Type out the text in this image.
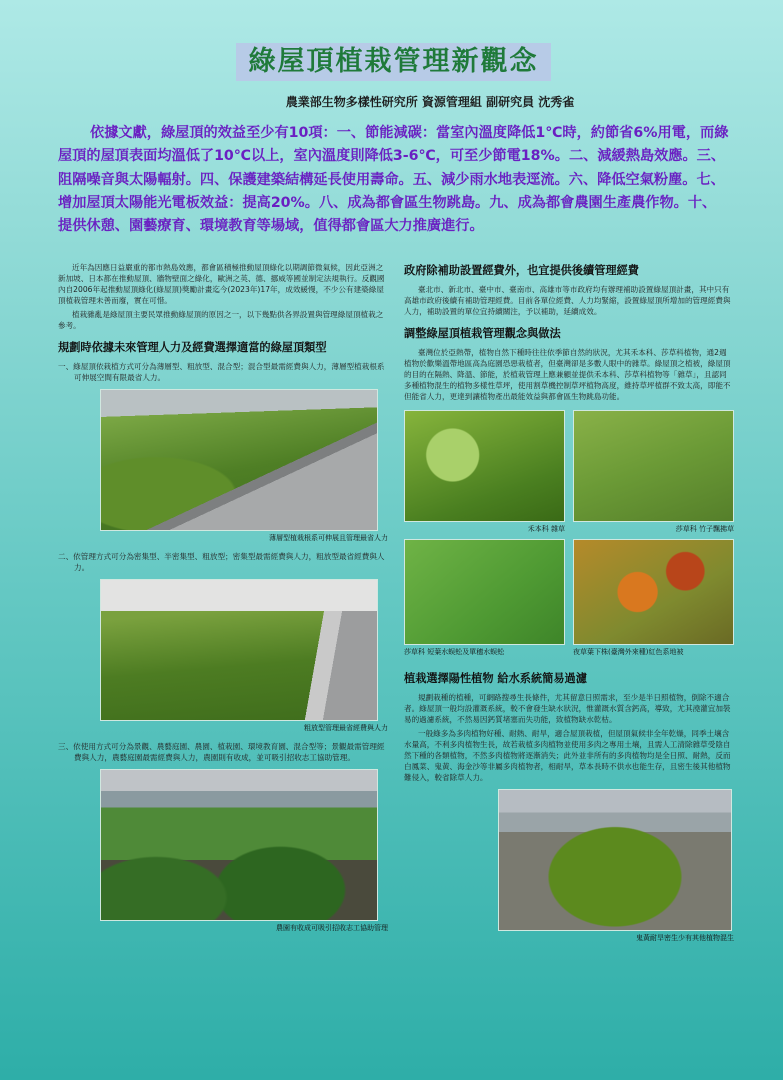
綠屋頂植栽管理新觀念
農業部生物多樣性研究所 資源管理組 副研究員 沈秀雀
依據文獻，綠屋頂的效益至少有10項：一、節能減碳：當室內溫度降低1℃時，約節省6%用電，而綠屋頂的屋頂表面均溫低了10℃以上，室內溫度則降低3-6℃，可至少節電18%。二、減緩熱島效應。三、阻隔噪音與太陽輻射。四、保護建築結構延長使用壽命。五、減少雨水地表逕流。六、降低空氣粉塵。七、增加屋頂太陽能光電板效益：提高20%。八、成為都會區生物跳島。九、成為都會農園生產農作物。十、提供休憩、園藝療育、環境教育等場域，值得都會區大力推廣進行。

近年為因應日益嚴重的都市熱島效應，都會區積極推動屋頂綠化以期調節微氣候，因此亞洲之新加坡、日本都在推動屋頂、牆物壁面之綠化，歐洲之英、德、挪威等國並制定法規執行。反觀國內自2006年起推動屋頂綠化(綠屋頂)獎勵計畫迄今(2023年)17年，成效緩慢，不少公有建築綠屋頂植栽管理未善而廢，實在可惜。

植栽雜亂是綠屋頂主要民眾推動綠屋頂的原因之一，以下幾點供各界設置與管理綠屋頂植栽之參考。

規劃時依據未來管理人力及經費選擇適當的綠屋頂類型

一、綠屋頂依栽植方式可分為薄層型、粗放型、混合型；混合型最需經費與人力，薄層型植栽根系可伸展空間有限最省人力。

薄層型植栽根系可伸展且管理最省人力

二、依管理方式可分為密集型、半密集型、粗放型；密集型最需經費與人力，粗放型最省經費與人力。

粗放型管理最省經費與人力

三、依使用方式可分為景觀、農藝庭園、農園、植栽園、環境教育園、混合型等；景觀最需管理經費與人力，農藝庭園最需經費與人力，農園則有收成，並可吸引招收志工協助管理。

農園有收成可吸引招收志工協助管理
政府除補助設置經費外，也宜提供後續管理經費

臺北市、新北市、臺中市、臺南市、高雄市等市政府均有辦理補助設置綠屋頂計畫，其中只有高雄市政府後續有補助管理經費。目前各單位經費、人力均緊縮，設置綠屋頂所增加的管理經費與人力，補助設置的單位宜持續關注，予以補助，延續成效。

調整綠屋頂植栽管理觀念與做法

臺灣位於亞熱帶，植物自然下種時往往依季節自然的狀況，尤其禾本科、莎草科植物，通2週植物於歡樂溫帶地區高為庭園恐惡栽植者，但臺灣卻是多數人眼中的雜草。綠屋頂之植被，綠屋頂的目的在隔熱、降溫、節能，於植栽管理上應兼顧並提供禾本科、莎草科植物等「雜草」，且認同多種植物混生的植物多樣性草坪，使用割草機控制草坪植物高度，維持草坪植群不致太高，即能不但能省人力，更達到讓植物產出最能效益與都會區生物跳島功能。

禾本科 雜草	莎草科 竹子飄拂草
莎草科 短葉水蜈蚣及單穗水蜈蚣	夜草葉下株(臺灣外來種)紅色系地被
植栽選擇陽性植物 給水系統簡易過濾

規劃栽種的植種，可網路搜尋生長條件，尤其留意日照需求，至少是半日照植物，倒除不適合者。綠屋頂一般均設灌溉系統，較不會發生缺水狀況，惟灌溉水質含鈣高，導致，尤其澆灌宜加裝易的過濾系統，不然易因鈣質堵塞而失功能，致植物缺水乾枯。

一般綠多為多肉植物好種、耐熱、耐旱，適合屋頂栽植，但屋頂氣候非全年乾燥，同季土壤含水量高，不利多肉植物生長，故若栽植多肉植物並使用多肉之專用土壤，且需人工清除雜草受陰自然下種的各類植物，不然多肉植物將逐漸消失；此外並非所有的多肉植物均是全日照、耐熱，反而白鳳菜、鬼黃、海金沙等非屬多肉植物者，相耐旱，草本長時不供水也能生存，且密生後其他植物難侵入，較省除草人力。

鬼黃耐旱密生少有其他植物混生
